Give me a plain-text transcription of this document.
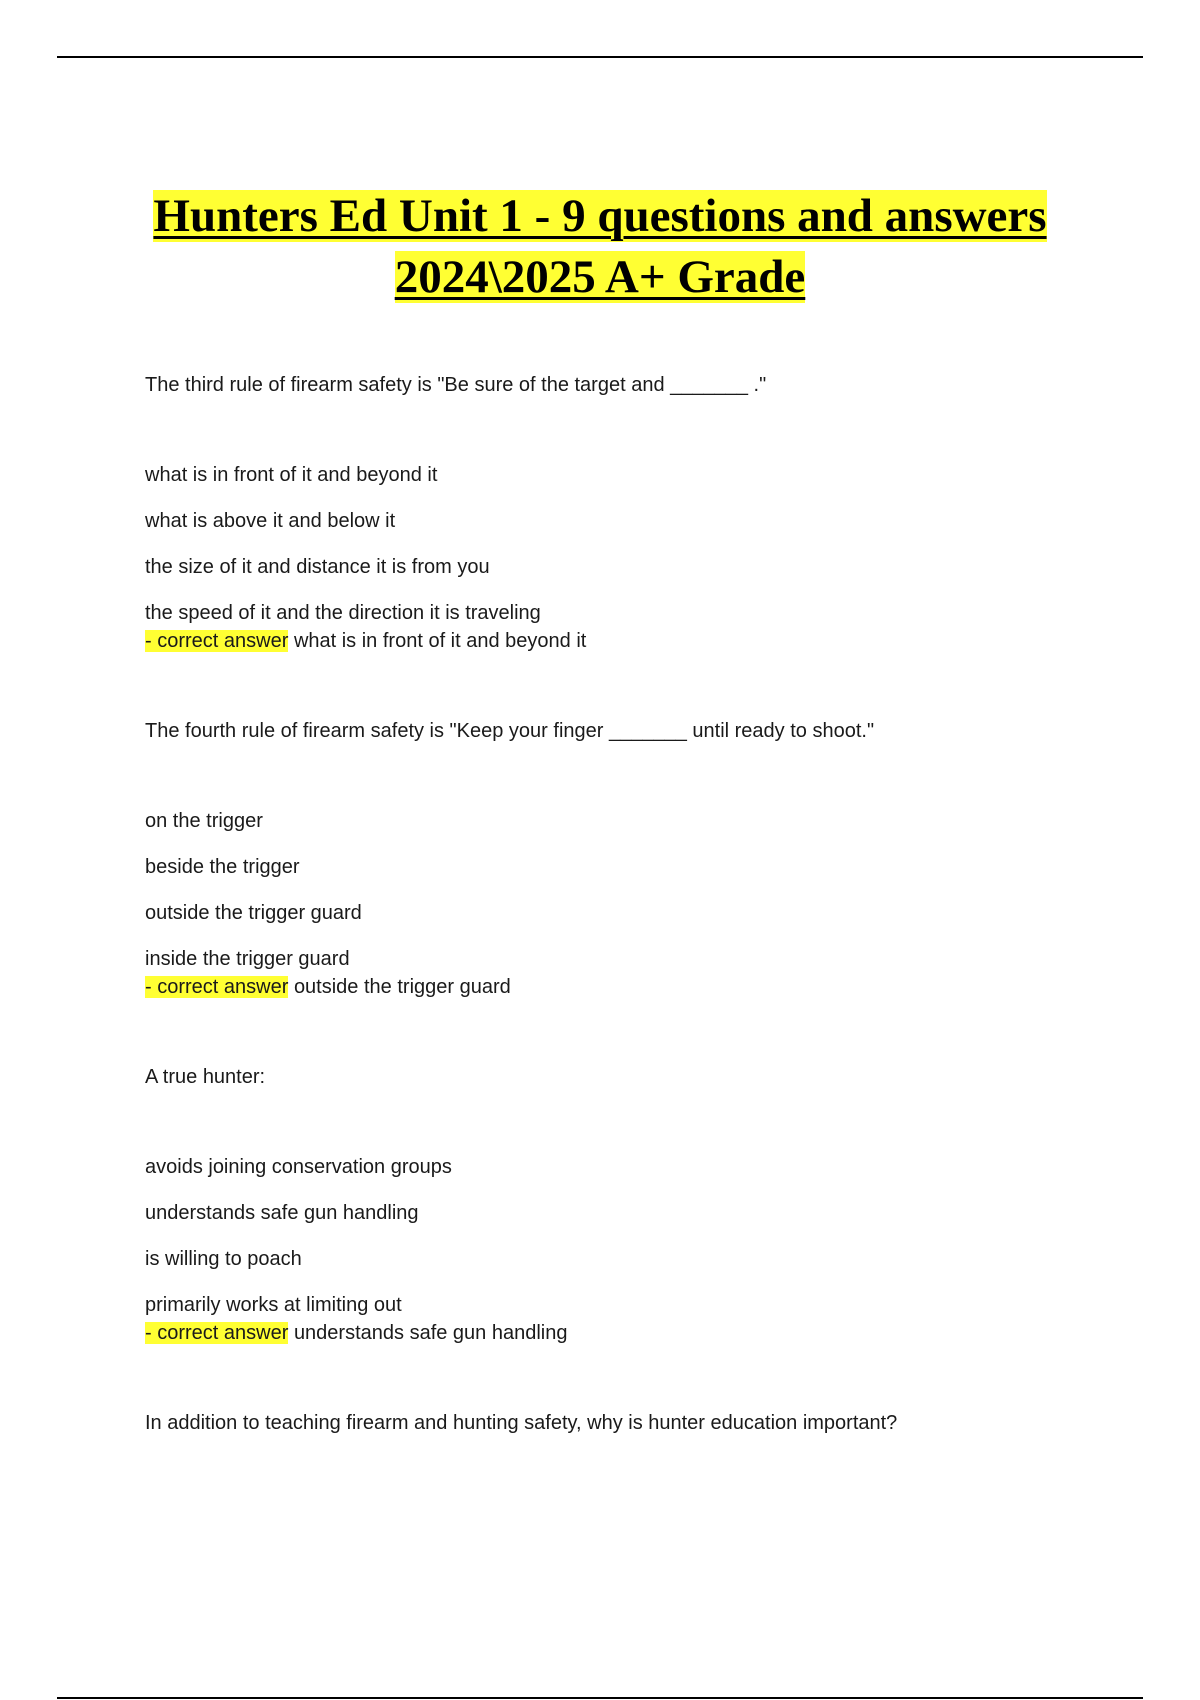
Hunters Ed Unit 1 - 9 questions and answers
2024\2025 A+ Grade

The third rule of firearm safety is "Be sure of the target and _______ ."

what is in front of it and beyond it

what is above it and below it

the size of it and distance it is from you

the speed of it and the direction it is traveling

- correct answer what is in front of it and beyond it

The fourth rule of firearm safety is "Keep your finger _______ until ready to shoot."

on the trigger

beside the trigger

outside the trigger guard

inside the trigger guard

- correct answer outside the trigger guard

A true hunter:

avoids joining conservation groups

understands safe gun handling

is willing to poach

primarily works at limiting out

- correct answer understands safe gun handling

In addition to teaching firearm and hunting safety, why is hunter education important?
